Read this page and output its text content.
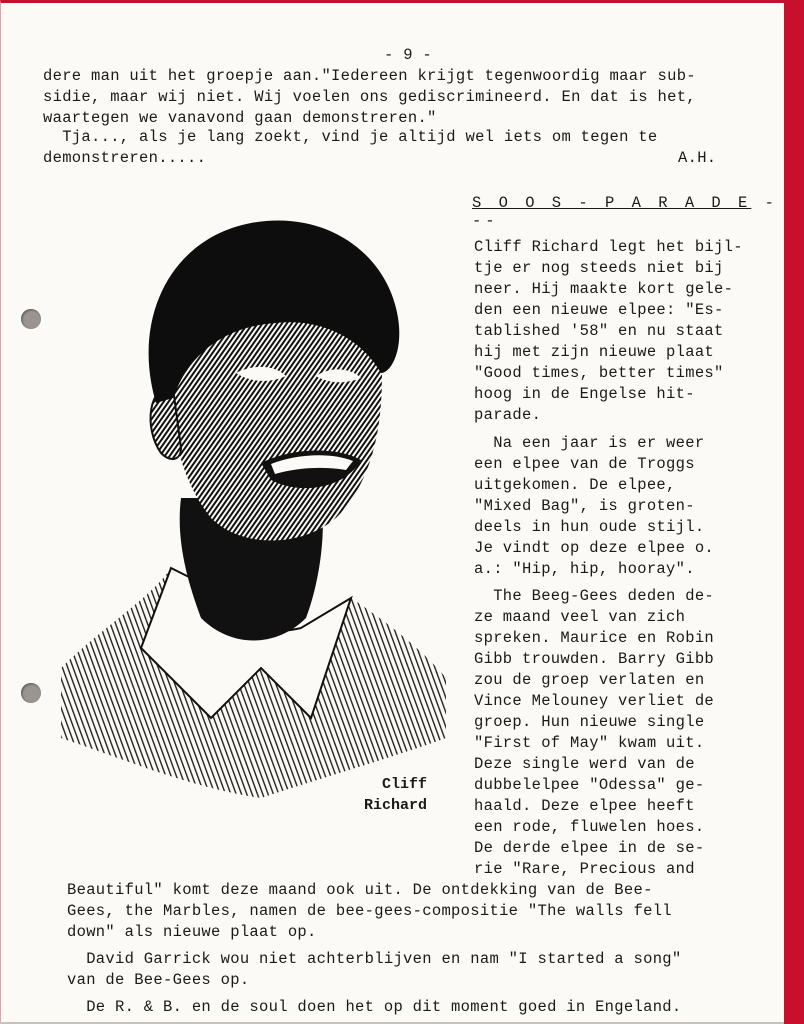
- 9 -
dere man uit het groepje aan."Iedereen krijgt tegenwoordig maar sub-
sidie, maar wij niet. Wij voelen ons gediscrimineerd. En dat is het,
waartegen we vanavond gaan demonstreren."
Tja..., als je lang zoekt, vind je altijd wel iets om tegen te
demonstreren.....	A.H.
S O O S - P A R A D E ---
Cliff
Richard
Cliff Richard legt het bijl-
tje er nog steeds niet bij
neer. Hij maakte kort gele-
den een nieuwe elpee: "Es-
tablished '58" en nu staat
hij met zijn nieuwe plaat
"Good times, better times"
hoog in de Engelse hit-
parade.
Na een jaar is er weer
een elpee van de Troggs
uitgekomen. De elpee,
"Mixed Bag", is groten-
deels in hun oude stijl.
Je vindt op deze elpee o.
a.: "Hip, hip, hooray".
The Beeg-Gees deden de-
ze maand veel van zich
spreken. Maurice en Robin
Gibb trouwden. Barry Gibb
zou de groep verlaten en
Vince Melouney verliet de
groep. Hun nieuwe single
"First of May" kwam uit.
Deze single werd van de
dubbelelpee "Odessa" ge-
haald. Deze elpee heeft
een rode, fluwelen hoes.
De derde elpee in de se-
rie "Rare, Precious and
Beautiful" komt deze maand ook uit. De ontdekking van de Bee-
Gees, the Marbles, namen de bee-gees-compositie "The walls fell
down" als nieuwe plaat op.
David Garrick wou niet achterblijven en nam "I started a song"
van de Bee-Gees op.
De R. & B. en de soul doen het op dit moment goed in Engeland.
